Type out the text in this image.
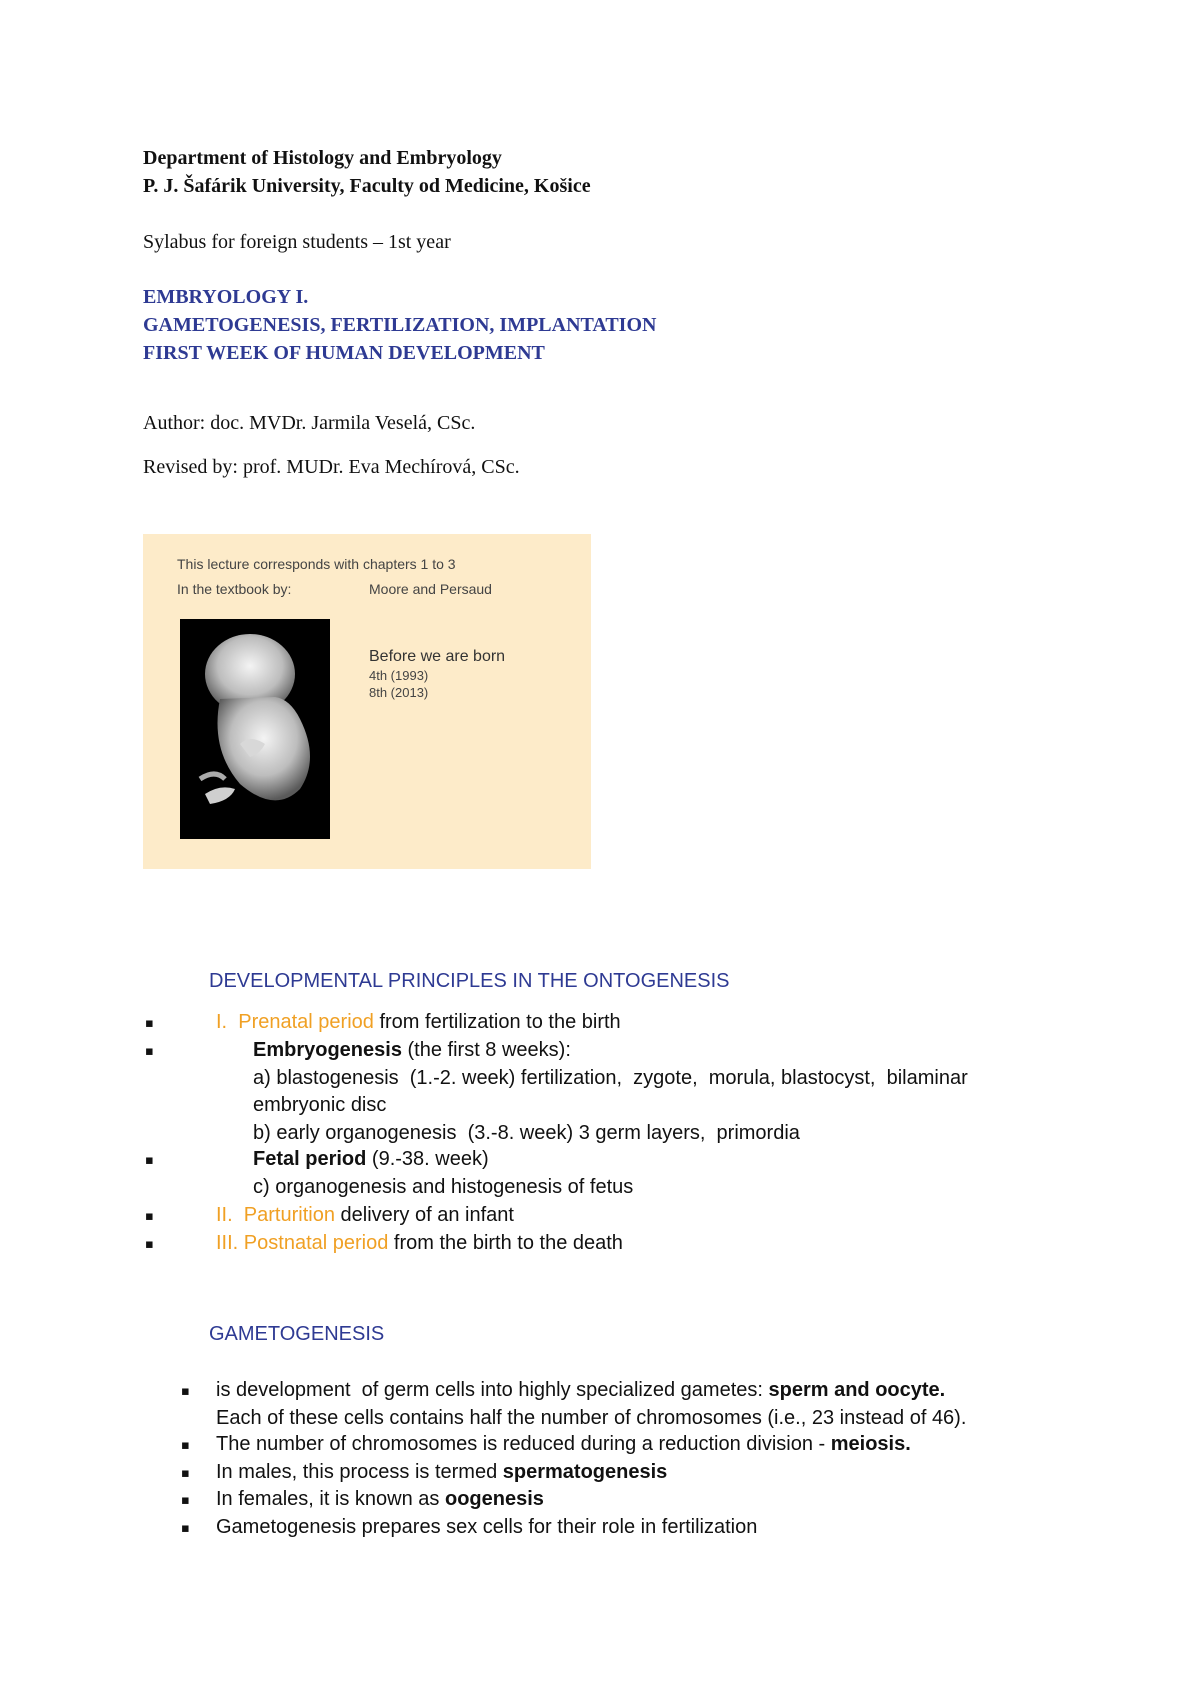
Department of Histology and Embryology
P. J. Šafárik University, Faculty od Medicine, Košice
Sylabus for foreign students – 1st year
EMBRYOLOGY I.
GAMETOGENESIS, FERTILIZATION, IMPLANTATION
FIRST WEEK OF HUMAN DEVELOPMENT
Author: doc. MVDr. Jarmila Veselá, CSc.
Revised by: prof. MUDr. Eva Mechírová, CSc.
This lecture corresponds with chapters 1 to 3
In the textbook by:	Moore and Persaud
Before we are born
4th (1993)
8th (2013)
DEVELOPMENTAL PRINCIPLES IN THE ONTOGENESIS
▪	I. Prenatal period from fertilization to the birth
▪	Embryogenesis (the first 8 weeks):
a) blastogenesis  (1.-2. week) fertilization,  zygote,  morula, blastocyst,  bilaminar
embryonic disc
b) early organogenesis  (3.-8. week) 3 germ layers,  primordia
▪	Fetal period (9.-38. week)
c) organogenesis and histogenesis of fetus
▪	II. Parturition delivery of an infant
▪	III. Postnatal period from the birth to the death
GAMETOGENESIS
▪ is development  of germ cells into highly specialized gametes: sperm and oocyte.
Each of these cells contains half the number of chromosomes (i.e., 23 instead of 46).
▪ The number of chromosomes is reduced during a reduction division - meiosis.
▪ In males, this process is termed spermatogenesis
▪ In females, it is known as oogenesis
▪ Gametogenesis prepares sex cells for their role in fertilization
